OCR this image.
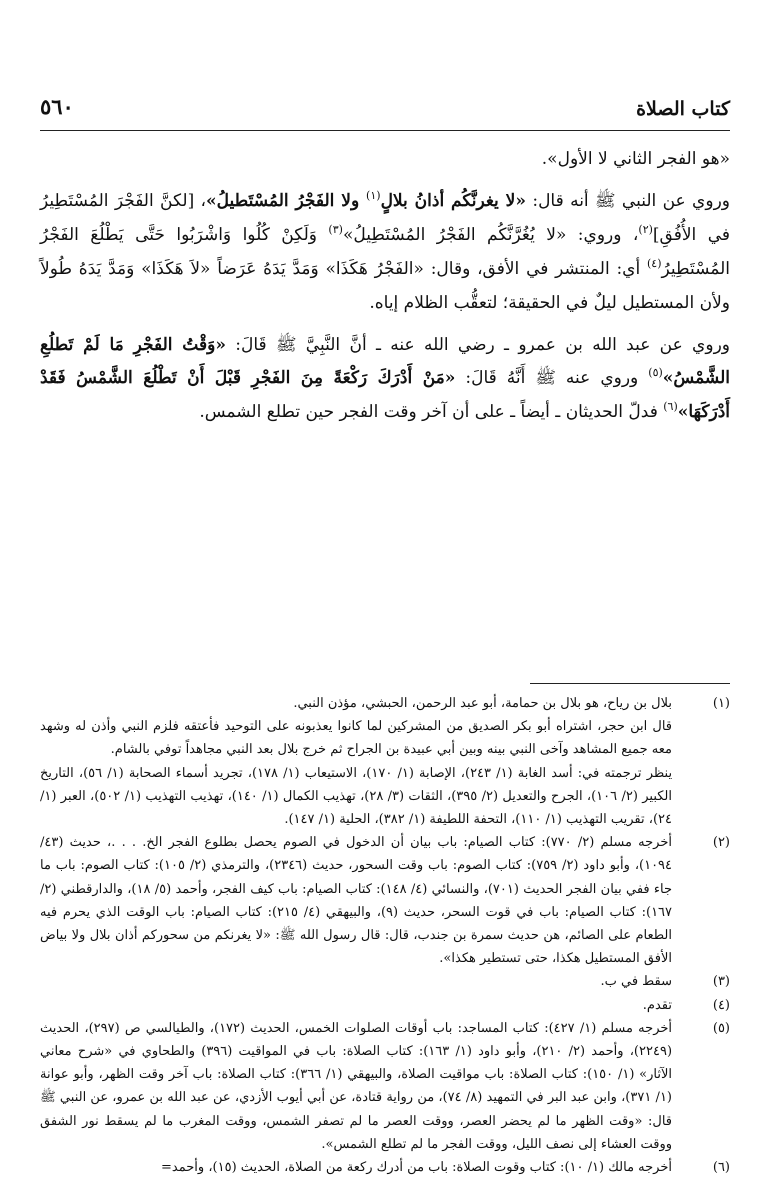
كتاب الصلاة
٥٦٠

«هو الفجر الثاني لا الأول».

وروي عن النبي ﷺ أنه قال: «لا يغرنَّكُم أذانُ بلالٍ$^{(١)}$ ولا الفَجْرُ المُسْتَطيلُ»، [لكنَّ الفَجْرَ المُسْتَطِيرُ في الأُفُقِ]$^{(٢)}$، وروي: «لا يُغُرَّنَّكُم الفَجْرُ المُسْتَطِيلُ»$^{(٣)}$ وَلَكِنْ كُلُوا وَاشْرَبُوا حَتَّى يَطْلُعَ الفَجْرُ المُسْتَطِيرُ$^{(٤)}$ أي: المنتشر في الأفق، وقال: «الفَجْرُ هَكَذَا» وَمَدَّ يَدَهُ عَرَضاً «لاَ هَكَذَا» وَمَدَّ يَدَهُ طُولاً ولأن المستطيل ليلٌ في الحقيقة؛ لتعقُّب الظلام إياه.

وروي عن عبد الله بن عمرو ـ رضي الله عنه ـ أنَّ النَّبِيَّ ﷺ قَالَ: «وَقْتُ الفَجْرِ مَا لَمْ تَطلُعِ الشَّمْسُ»$^{(٥)}$ وروي عنه ﷺ أَنَّهُ قَالَ: «مَنْ أَدْرَكَ رَكْعَةً مِنَ الفَجْرِ قَبْلَ أَنْ تَطْلُعَ الشَّمْسُ فَقَدْ أَدْرَكَهَا»$^{(٦)}$ فدلّ الحديثان ـ أيضاً ـ على أن آخر وقت الفجر حين تطلع الشمس.

(١)

بلال بن رياح، هو بلال بن حمامة، أبو عبد الرحمن، الحبشي، مؤذن النبي.

قال ابن حجر، اشتراه أبو بكر الصديق من المشركين لما كانوا يعذبونه على التوحيد فأعتقه فلزم النبي وأذن له وشهد معه جميع المشاهد وآخى النبي بينه وبين أبي عبيدة بن الجراح ثم خرج بلال بعد النبي مجاهداً توفي بالشام.

ينظر ترجمته في: أسد الغابة (١/ ٢٤٣)، الإصابة (١/ ١٧٠)، الاستيعاب (١/ ١٧٨)، تجريد أسماء الصحابة (١/ ٥٦)، التاريخ الكبير (٢/ ١٠٦)، الجرح والتعديل (٢/ ٣٩٥)، الثقات (٣/ ٢٨)، تهذيب الكمال (١/ ١٤٠)، تهذيب التهذيب (١/ ٥٠٢)، العبر (١/ ٢٤)، تقريب التهذيب (١/ ١١٠)، التحفة اللطيفة (١/ ٣٨٢)، الحلية (١/ ١٤٧).

(٢)

أخرجه مسلم (٢/ ٧٧٠): كتاب الصيام: باب بيان أن الدخول في الصوم يحصل بطلوع الفجر الخ. . . .، حديث (٤٣/ ١٠٩٤)، وأبو داود (٢/ ٧٥٩): كتاب الصوم: باب وقت السحور، حديث (٢٣٤٦)، والترمذي (٢/ ١٠٥): كتاب الصوم: باب ما جاء ففي بيان الفجر الحديث (٧٠١)، والنسائي (٤/ ١٤٨): كتاب الصيام: باب كيف الفجر، وأحمد (٥/ ١٨)، والدارقطني (٢/ ١٦٧): كتاب الصيام: باب في قوت السحر، حديث (٩)، والبيهقي (٤/ ٢١٥): كتاب الصيام: باب الوقت الذي يحرم فيه الطعام على الصائم، هن حديث سمرة بن جندب، قال: قال رسول الله ﷺ: «لا يغرنكم من سحوركم أذان بلال ولا بياض الأفق المستطيل هكذا، حتى تستطير هكذا».

(٣)

سقط في ب.

(٤)

تقدم.

(٥)

أخرجه مسلم (١/ ٤٢٧): كتاب المساجد: باب أوقات الصلوات الخمس، الحديث (١٧٢)، والطيالسي ص (٢٩٧)، الحديث (٢٢٤٩)، وأحمد (٢/ ٢١٠)، وأبو داود (١/ ١٦٣): كتاب الصلاة: باب في المواقيت (٣٩٦) والطحاوي في «شرح معاني الآثار» (١/ ١٥٠): كتاب الصلاة: باب مواقيت الصلاة، والبيهقي (١/ ٣٦٦): كتاب الصلاة: باب آخر وقت الظهر، وأبو عوانة (١/ ٣٧١)، وابن عبد البر في التمهيد (٨/ ٧٤)، من رواية قتادة، عن أبي أيوب الأزدي، عن عبد الله بن عمرو، عن النبي ﷺ قال: «وقت الظهر ما لم يحضر العصر، ووقت العصر ما لم تصفر الشمس، ووقت المغرب ما لم يسقط نور الشفق ووقت العشاء إلى نصف الليل، ووقت الفجر ما لم تطلع الشمس».

(٦)

أخرجه مالك (١/ ١٠): كتاب وقوت الصلاة: باب من أدرك ركعة من الصلاة، الحديث (١٥)، وأحمد=
